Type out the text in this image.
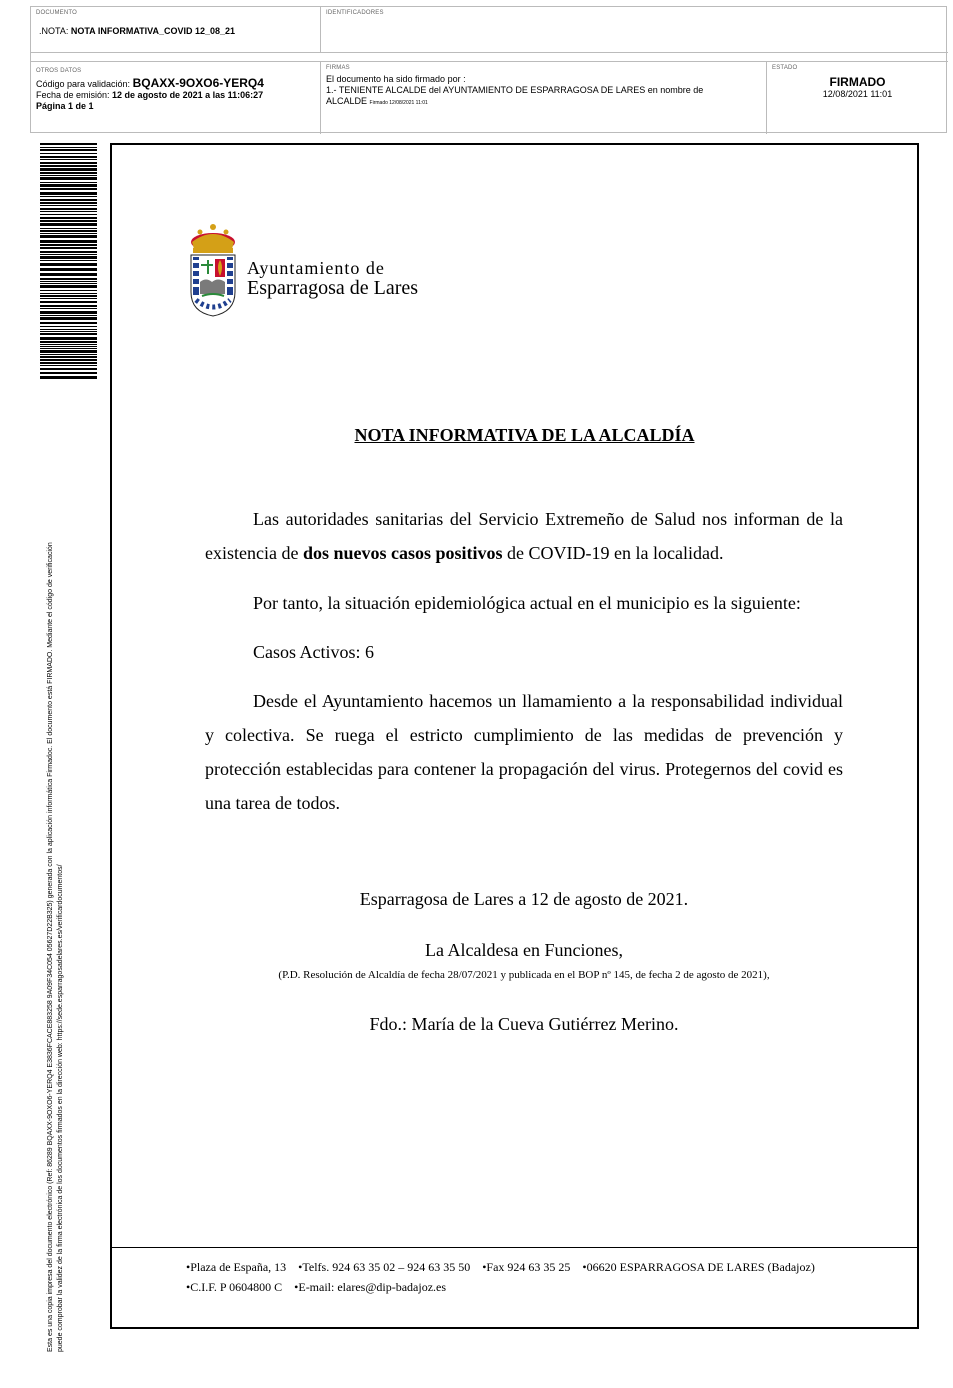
DOCUMENTO
.NOTA: NOTA INFORMATIVA_COVID 12_08_21
IDENTIFICADORES
OTROS DATOS
Código para validación: BQAXX-9OXO6-YERQ4
Fecha de emisión: 12 de agosto de 2021 a las 11:06:27
Página 1 de 1
FIRMAS
El documento ha sido firmado por :
1.- TENIENTE ALCALDE del AYUNTAMIENTO DE ESPARRAGOSA DE LARES en nombre de
ALCALDE Firmado 12/08/2021 11:01
ESTADO
FIRMADO
12/08/2021 11:01
Esta es una copia impresa del documento electrónico (Ref: 86289 BQAXX-9OXO6-YERQ4 E3836FCACE883258 9A09F34C054 05627D22B325) generada con la aplicación informática Firmadoc. El documento está FIRMADO. Mediante el código de verificación puede comprobar la validez de la firma electrónica de los documentos firmados en la dirección web: https://sede.esparragosadelares.es/verificardocumentos/
Ayuntamiento de
Esparragosa de Lares
NOTA INFORMATIVA DE LA ALCALDÍA
Las autoridades sanitarias del Servicio Extremeño de Salud nos informan de la existencia de dos nuevos casos positivos de COVID-19 en la localidad.
Por tanto, la situación epidemiológica actual en el municipio es la siguiente:
Casos Activos: 6
Desde el Ayuntamiento hacemos un llamamiento a la responsabilidad individual y colectiva. Se ruega el estricto cumplimiento de las medidas de prevención y protección establecidas para contener la propagación del virus. Protegernos del covid es una tarea de todos.
Esparragosa de Lares a 12 de agosto de 2021.
La Alcaldesa en Funciones,
(P.D. Resolución de Alcaldía de fecha 28/07/2021 y publicada en el BOP nº 145, de fecha 2 de agosto de 2021),
Fdo.: María de la Cueva Gutiérrez Merino.
•Plaza de España, 13 •Telfs. 924 63 35 02 – 924 63 35 50 •Fax 924 63 35 25 •06620 ESPARRAGOSA DE LARES (Badajoz)
•C.I.F. P 0604800 C •E-mail: elares@dip-badajoz.es
